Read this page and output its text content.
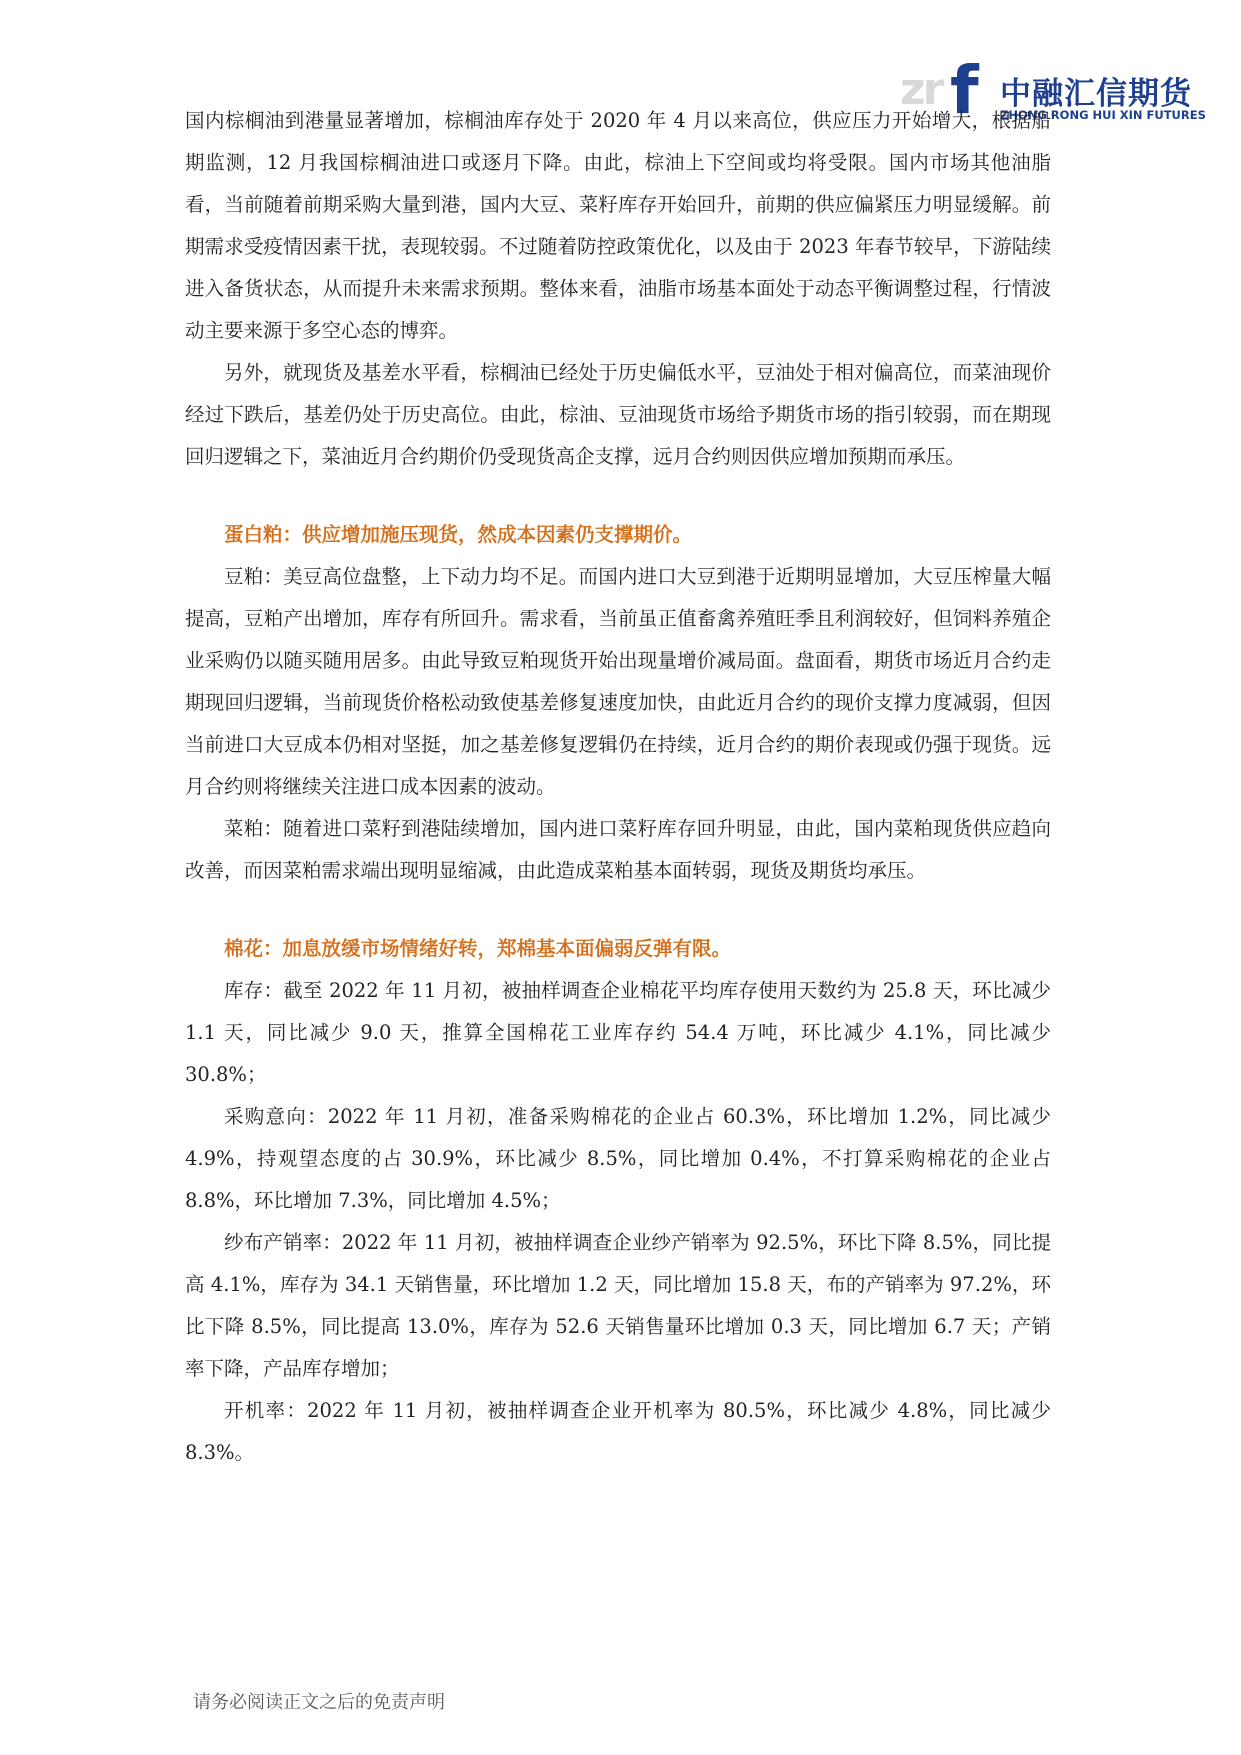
zr f 中融汇信期货
ZHONG RONG HUI XIN FUTURES

国内棕榈油到港量显著增加，棕榈油库存处于 2020 年 4 月以来高位，供应压力开始增大，根据船期监测，12 月我国棕榈油进口或逐月下降。由此，棕油上下空间或均将受限。国内市场其他油脂看，当前随着前期采购大量到港，国内大豆、菜籽库存开始回升，前期的供应偏紧压力明显缓解。前期需求受疫情因素干扰，表现较弱。不过随着防控政策优化，以及由于 2023 年春节较早，下游陆续进入备货状态，从而提升未来需求预期。整体来看，油脂市场基本面处于动态平衡调整过程，行情波动主要来源于多空心态的博弈。

另外，就现货及基差水平看，棕榈油已经处于历史偏低水平，豆油处于相对偏高位，而菜油现价经过下跌后，基差仍处于历史高位。由此，棕油、豆油现货市场给予期货市场的指引较弱，而在期现回归逻辑之下，菜油近月合约期价仍受现货高企支撑，远月合约则因供应增加预期而承压。

蛋白粕：供应增加施压现货，然成本因素仍支撑期价。

豆粕：美豆高位盘整，上下动力均不足。而国内进口大豆到港于近期明显增加，大豆压榨量大幅提高，豆粕产出增加，库存有所回升。需求看，当前虽正值畜禽养殖旺季且利润较好，但饲料养殖企业采购仍以随买随用居多。由此导致豆粕现货开始出现量增价减局面。盘面看，期货市场近月合约走期现回归逻辑，当前现货价格松动致使基差修复速度加快，由此近月合约的现价支撑力度减弱，但因当前进口大豆成本仍相对坚挺，加之基差修复逻辑仍在持续，近月合约的期价表现或仍强于现货。远月合约则将继续关注进口成本因素的波动。

菜粕：随着进口菜籽到港陆续增加，国内进口菜籽库存回升明显，由此，国内菜粕现货供应趋向改善，而因菜粕需求端出现明显缩减，由此造成菜粕基本面转弱，现货及期货均承压。

棉花：加息放缓市场情绪好转，郑棉基本面偏弱反弹有限。

库存：截至 2022 年 11 月初，被抽样调查企业棉花平均库存使用天数约为 25.8 天，环比减少 1.1 天，同比减少 9.0 天，推算全国棉花工业库存约 54.4 万吨，环比减少 4.1%，同比减少 30.8%；

采购意向：2022 年 11 月初，准备采购棉花的企业占 60.3%，环比增加 1.2%，同比减少 4.9%，持观望态度的占 30.9%，环比减少 8.5%，同比增加 0.4%，不打算采购棉花的企业占 8.8%，环比增加 7.3%，同比增加 4.5%；

纱布产销率：2022 年 11 月初，被抽样调查企业纱产销率为 92.5%，环比下降 8.5%，同比提高 4.1%，库存为 34.1 天销售量，环比增加 1.2 天，同比增加 15.8 天，布的产销率为 97.2%，环比下降 8.5%，同比提高 13.0%，库存为 52.6 天销售量环比增加 0.3 天，同比增加 6.7 天；产销率下降，产品库存增加；

开机率：2022 年 11 月初，被抽样调查企业开机率为 80.5%，环比减少 4.8%，同比减少 8.3%。

请务必阅读正文之后的免责声明
